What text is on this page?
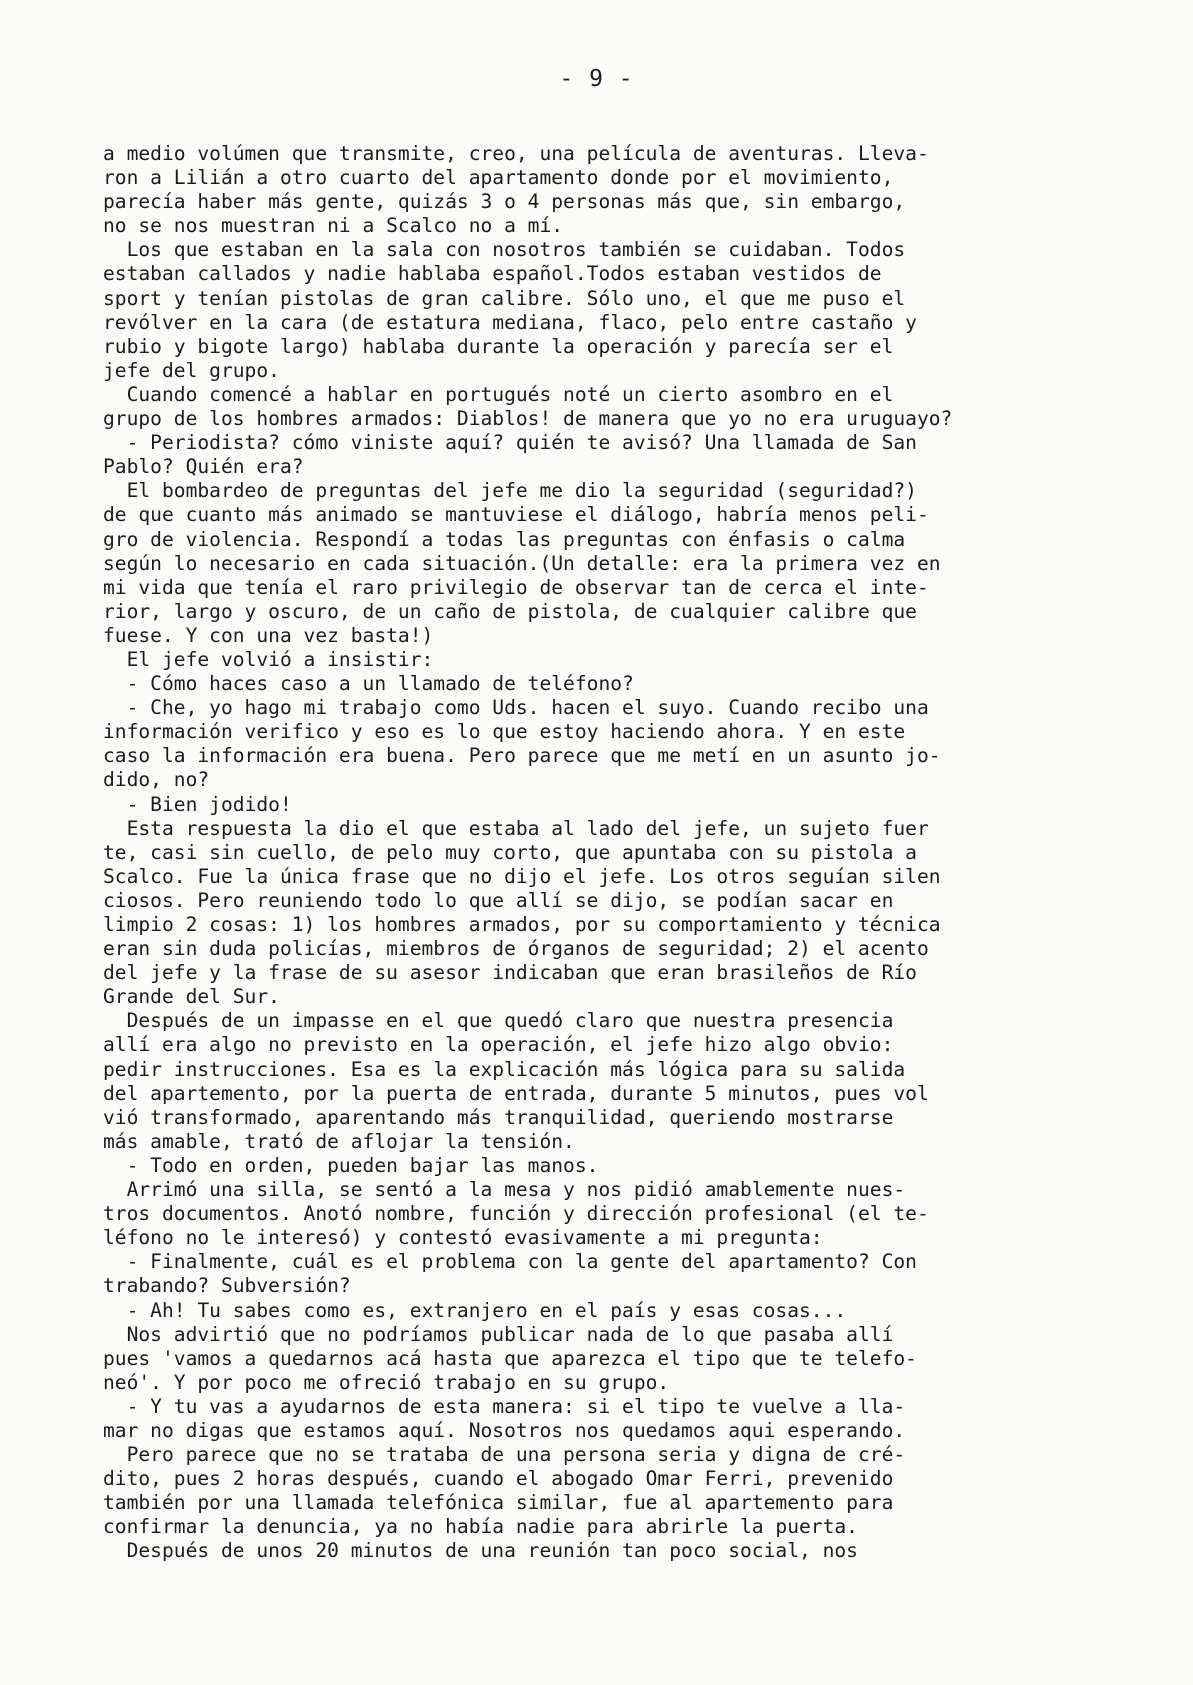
- 9 -
a medio volúmen que transmite, creo, una película de aventuras. Lleva-
ron a Lilián a otro cuarto del apartamento donde por el movimiento,
parecía haber más gente, quizás 3 o 4 personas más que, sin embargo,
no se nos muestran ni a Scalco no a mí.
Los que estaban en la sala con nosotros también se cuidaban. Todos
estaban callados y nadie hablaba español.Todos estaban vestidos de
sport y tenían pistolas de gran calibre. Sólo uno, el que me puso el
revólver en la cara (de estatura mediana, flaco, pelo entre castaño y
rubio y bigote largo) hablaba durante la operación y parecía ser el
jefe del grupo.
Cuando comencé a hablar en portugués noté un cierto asombro en el
grupo de los hombres armados: Diablos! de manera que yo no era uruguayo?
- Periodista? cómo viniste aquí? quién te avisó? Una llamada de San
Pablo? Quién era?
El bombardeo de preguntas del jefe me dio la seguridad (seguridad?)
de que cuanto más animado se mantuviese el diálogo, habría menos peli-
gro de violencia. Respondí a todas las preguntas con énfasis o calma
según lo necesario en cada situación.(Un detalle: era la primera vez en
mi vida que tenía el raro privilegio de observar tan de cerca el inte-
rior, largo y oscuro, de un caño de pistola, de cualquier calibre que
fuese. Y con una vez basta!)
El jefe volvió a insistir:
- Cómo haces caso a un llamado de teléfono?
- Che, yo hago mi trabajo como Uds. hacen el suyo. Cuando recibo una
información verifico y eso es lo que estoy haciendo ahora. Y en este
caso la información era buena. Pero parece que me metí en un asunto jo-
dido, no?
- Bien jodido!
Esta respuesta la dio el que estaba al lado del jefe, un sujeto fuer
te, casi sin cuello, de pelo muy corto, que apuntaba con su pistola a
Scalco. Fue la única frase que no dijo el jefe. Los otros seguían silen
ciosos. Pero reuniendo todo lo que allí se dijo, se podían sacar en
limpio 2 cosas: 1) los hombres armados, por su comportamiento y técnica
eran sin duda policías, miembros de órganos de seguridad; 2) el acento
del jefe y la frase de su asesor indicaban que eran brasileños de Río
Grande del Sur.
Después de un impasse en el que quedó claro que nuestra presencia
allí era algo no previsto en la operación, el jefe hizo algo obvio:
pedir instrucciones. Esa es la explicación más lógica para su salida
del apartemento, por la puerta de entrada, durante 5 minutos, pues vol
vió transformado, aparentando más tranquilidad, queriendo mostrarse
más amable, trató de aflojar la tensión.
- Todo en orden, pueden bajar las manos.
Arrimó una silla, se sentó a la mesa y nos pidió amablemente nues-
tros documentos. Anotó nombre, función y dirección profesional (el te-
léfono no le interesó) y contestó evasivamente a mi pregunta:
- Finalmente, cuál es el problema con la gente del apartamento? Con
trabando? Subversión?
- Ah! Tu sabes como es, extranjero en el país y esas cosas...
Nos advirtió que no podríamos publicar nada de lo que pasaba allí
pues 'vamos a quedarnos acá hasta que aparezca el tipo que te telefo-
neó'. Y por poco me ofreció trabajo en su grupo.
- Y tu vas a ayudarnos de esta manera: si el tipo te vuelve a lla-
mar no digas que estamos aquí. Nosotros nos quedamos aqui esperando.
Pero parece que no se trataba de una persona seria y digna de cré-
dito, pues 2 horas después, cuando el abogado Omar Ferri, prevenido
también por una llamada telefónica similar, fue al apartemento para
confirmar la denuncia, ya no había nadie para abrirle la puerta.
Después de unos 20 minutos de una reunión tan poco social, nos
